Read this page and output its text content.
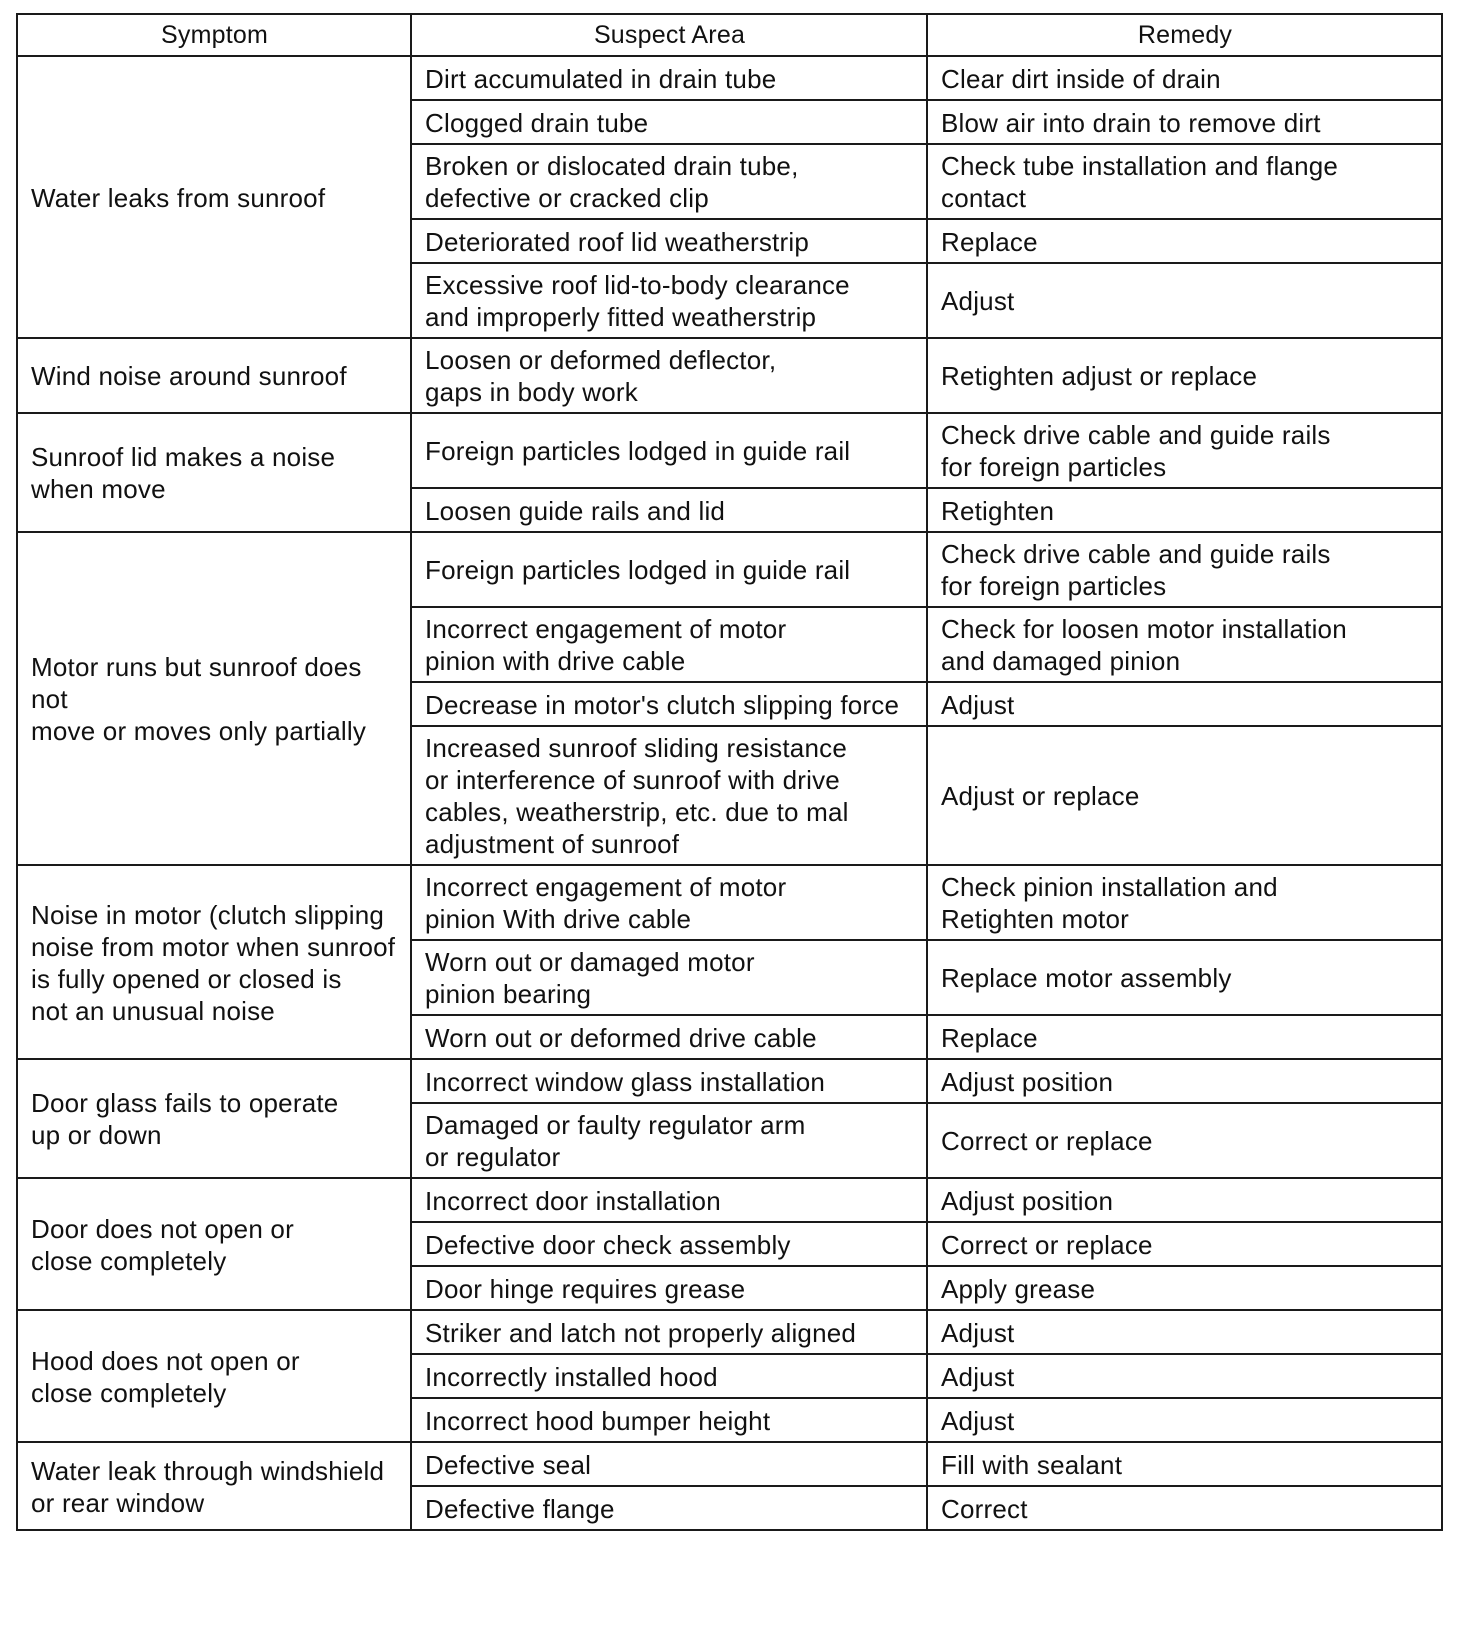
Symptom	Suspect Area	Remedy

Water leaks from sunroof	Dirt accumulated in drain tube	Clear dirt inside of drain

	Clogged drain tube	Blow air into drain to remove dirt

	Broken or dislocated drain tube,
defective or cracked clip	Check tube installation and flange contact

	Deteriorated roof lid weatherstrip	Replace

	Excessive roof lid-to-body clearance
and improperly fitted weatherstrip	Adjust

Wind noise around sunroof	Loosen or deformed deflector,
gaps in body work	Retighten adjust or replace

Sunroof lid makes a noise
when move	Foreign particles lodged in guide rail	Check drive cable and guide rails
for foreign particles

	Loosen guide rails and lid	Retighten

Motor runs but sunroof does not
move or moves only partially	Foreign particles lodged in guide rail	Check drive cable and guide rails
for foreign particles

	Incorrect engagement of motor
pinion with drive cable	Check for loosen motor installation
and damaged pinion

	Decrease in motor's clutch slipping force	Adjust

	Increased sunroof sliding resistance
or interference of sunroof with drive
cables, weatherstrip, etc. due to mal
adjustment of sunroof	Adjust or replace

Noise in motor (clutch slipping
noise from motor when sunroof
is fully opened or closed is
not an unusual noise	Incorrect engagement of motor
pinion With drive cable	Check pinion installation and
Retighten motor

	Worn out or damaged motor
pinion bearing	Replace motor assembly

	Worn out or deformed drive cable	Replace

Door glass fails to operate
up or down	Incorrect window glass installation	Adjust position

	Damaged or faulty regulator arm
or regulator	Correct or replace

Door does not open or
close completely	Incorrect door installation	Adjust position

	Defective door check assembly	Correct or replace

	Door hinge requires grease	Apply grease

Hood does not open or
close completely	Striker and latch not properly aligned	Adjust

	Incorrectly installed hood	Adjust

	Incorrect hood bumper height	Adjust

Water leak through windshield
or rear window	Defective seal	Fill with sealant

	Defective flange	Correct
